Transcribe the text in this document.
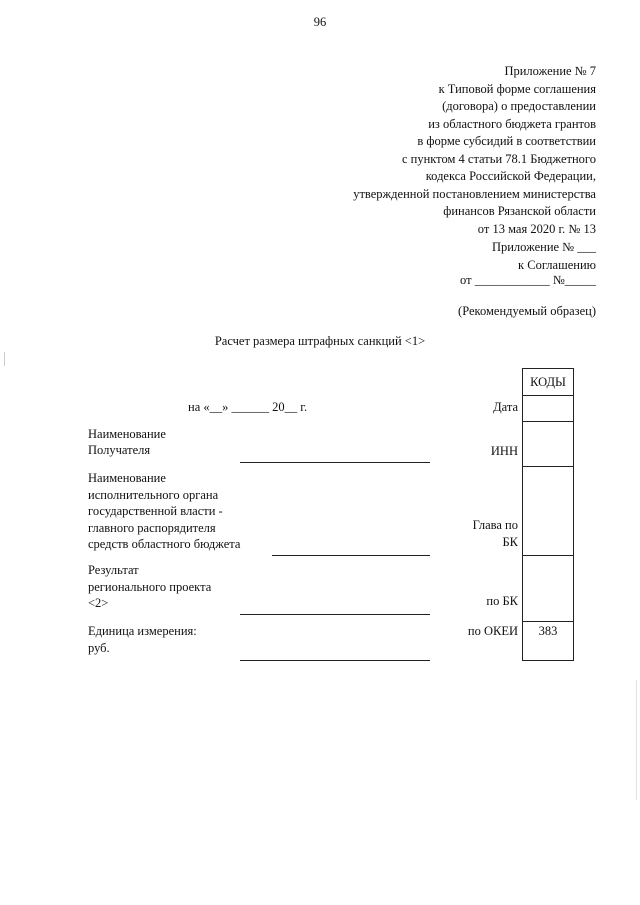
96
Приложение № 7
к Типовой форме соглашения
(договора) о предоставлении
из областного бюджета грантов
в форме субсидий в соответствии
с пунктом 4 статьи 78.1 Бюджетного
кодекса Российской Федерации,
утвержденной постановлением министерства
финансов Рязанской области
от 13 мая 2020 г. № 13
Приложение № ___
к Соглашению
от ____________ №_____
(Рекомендуемый образец)
Расчет размера штрафных санкций <1>
на «__» ______ 20__ г.
КОДЫ
383
Дата
ИНН
Глава по
БК
по БК
по ОКЕИ
Наименование
Получателя
Наименование
исполнительного органа
государственной власти -
главного распорядителя
средств областного бюджета
Результат
регионального проекта
<2>
Единица измерения:
руб.
